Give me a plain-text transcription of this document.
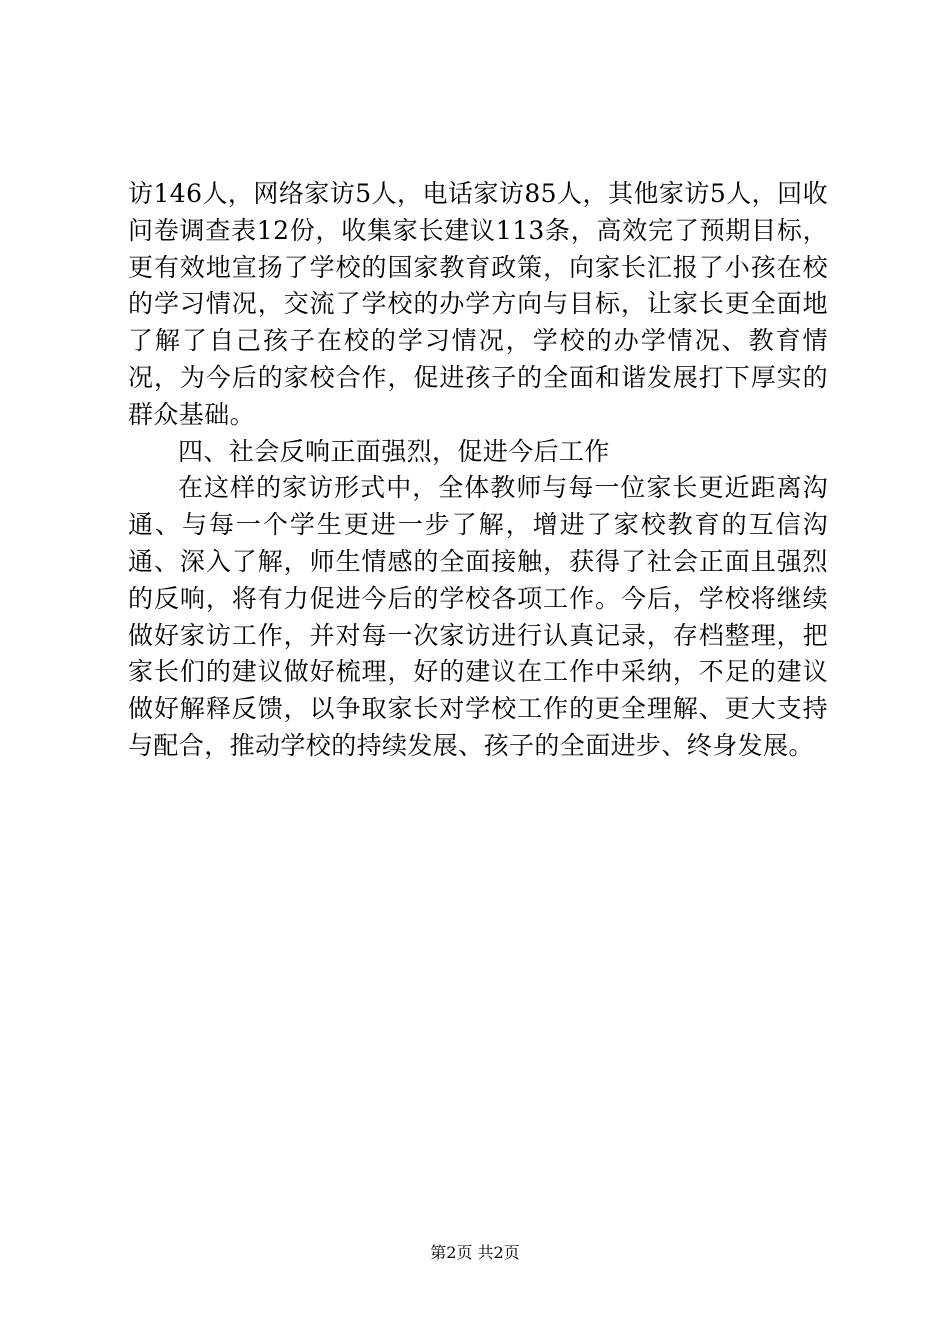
访146人，网络家访5人，电话家访85人，其他家访5人，回收问卷调查表12份，收集家长建议113条，高效完了预期目标，更有效地宣扬了学校的国家教育政策，向家长汇报了小孩在校的学习情况，交流了学校的办学方向与目标，让家长更全面地了解了自己孩子在校的学习情况，学校的办学情况、教育情况，为今后的家校合作，促进孩子的全面和谐发展打下厚实的群众基础。

四、社会反响正面强烈，促进今后工作

在这样的家访形式中，全体教师与每一位家长更近距离沟通、与每一个学生更进一步了解，增进了家校教育的互信沟通、深入了解，师生情感的全面接触，获得了社会正面且强烈的反响，将有力促进今后的学校各项工作。今后，学校将继续做好家访工作，并对每一次家访进行认真记录，存档整理，把家长们的建议做好梳理，好的建议在工作中采纳，不足的建议做好解释反馈，以争取家长对学校工作的更全理解、更大支持与配合，推动学校的持续发展、孩子的全面进步、终身发展。

第2页 共2页
